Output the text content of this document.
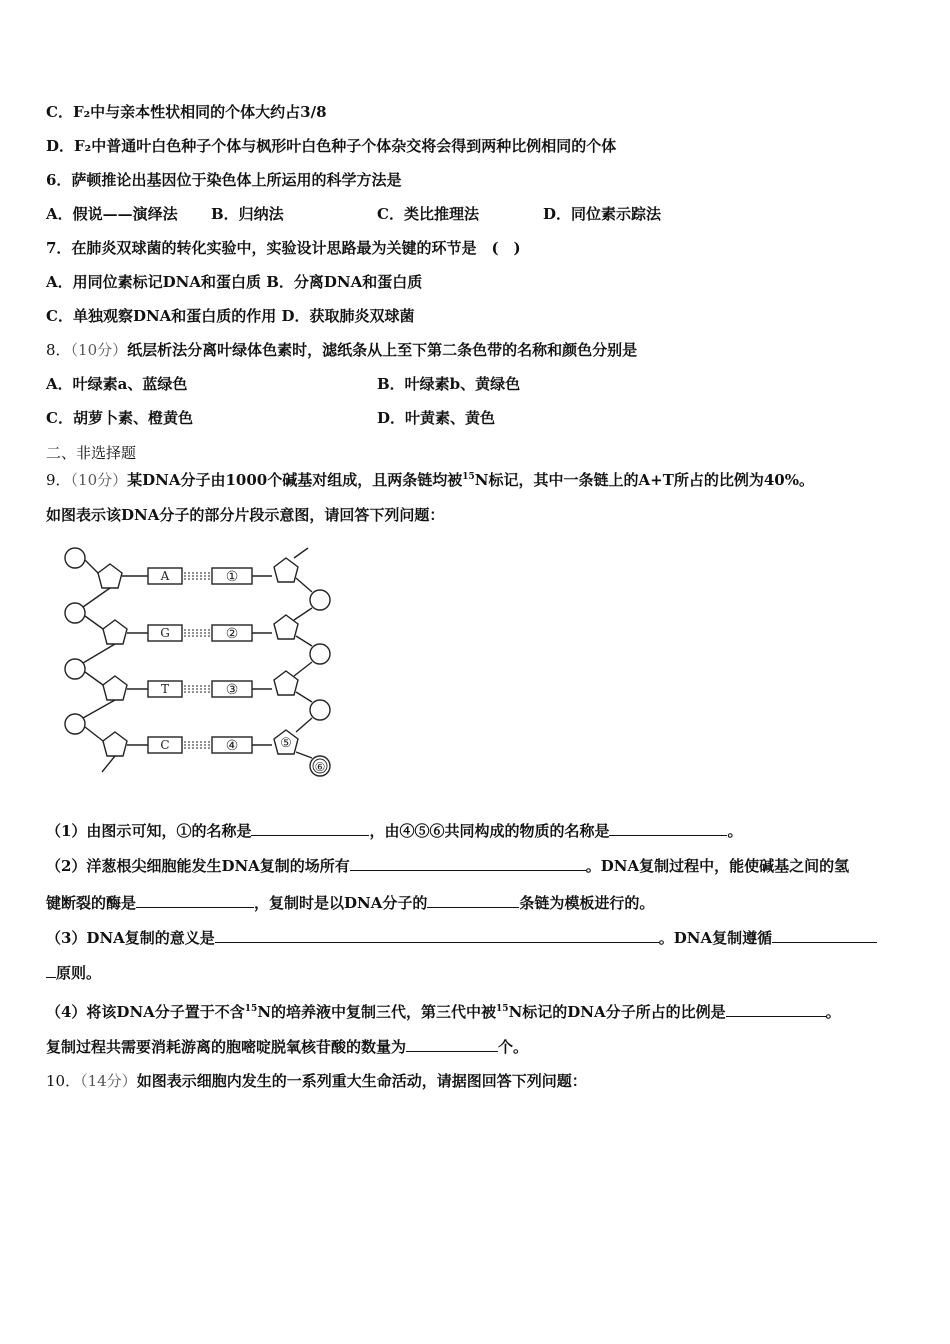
C．F₂中与亲本性状相同的个体大约占3/8
D．F₂中普通叶白色种子个体与枫形叶白色种子个体杂交将会得到两种比例相同的个体
6．萨顿推论出基因位于染色体上所运用的科学方法是
A．假说——演绎法 B．归纳法	C．类比推理法	D．同位素示踪法
7．在肺炎双球菌的转化实验中，实验设计思路最为关键的环节是　(　)
A．用同位素标记DNA和蛋白质 B．分离DNA和蛋白质
C．单独观察DNA和蛋白质的作用 D．获取肺炎双球菌
8．（10分）纸层析法分离叶绿体色素时，滤纸条从上至下第二条色带的名称和颜色分别是
A．叶绿素a、蓝绿色	B．叶绿素b、黄绿色
C．胡萝卜素、橙黄色	D．叶黄素、黄色
二、非选择题
9．（10分）某DNA分子由1000个碱基对组成，且两条链均被$^{15}$N标记，其中一条链上的A+T所占的比例为40%。
如图表示该DNA分子的部分片段示意图，请回答下列问题：
A
G
T
C
①
②
③
④	⑤
⑥
（1）由图示可知，①的名称是	，由④⑤⑥共同构成的物质的名称是	。
（2）洋葱根尖细胞能发生DNA复制的场所有	。DNA复制过程中，能使碱基之间的氢
键断裂的酶是	，复制时是以DNA分子的	条链为模板进行的。
（3）DNA复制的意义是	。DNA复制遵循
原则。
（4）将该DNA分子置于不含$^{15}$N的培养液中复制三代，第三代中被$^{15}$N标记的DNA分子所占的比例是	。
复制过程共需要消耗游离的胞嘧啶脱氧核苷酸的数量为	个。
10．（14分）如图表示细胞内发生的一系列重大生命活动，请据图回答下列问题：
